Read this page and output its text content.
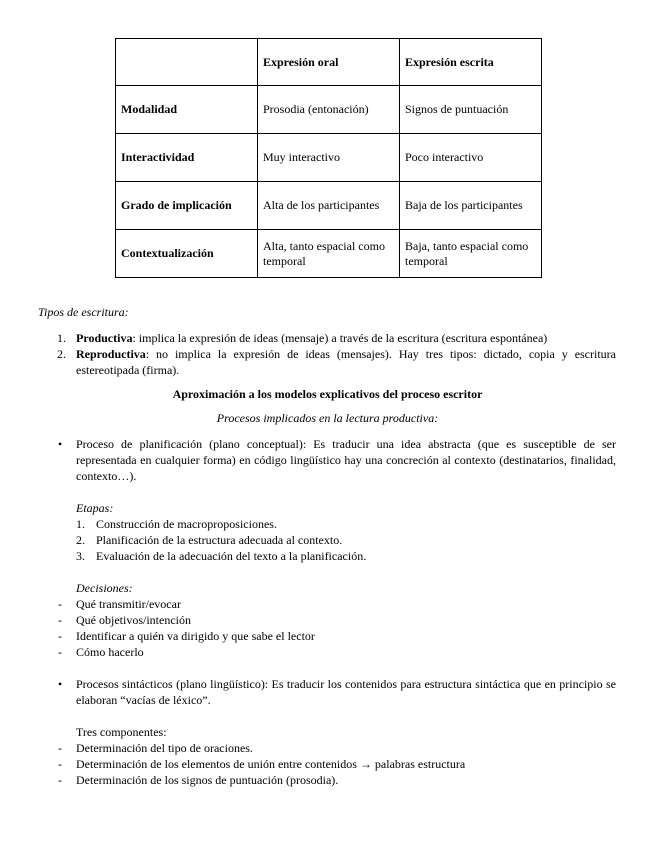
	Expresión oral	Expresión escrita
Modalidad	Prosodia (entonación)	Signos de puntuación
Interactividad	Muy interactivo	Poco interactivo
Grado de implicación	Alta de los participantes	Baja de los participantes
Contextualización	Alta, tanto espacial como temporal	Baja, tanto espacial como temporal
Tipos de escritura:
1. Productiva: implica la expresión de ideas (mensaje) a través de la escritura (escritura espontánea)
2. Reproductiva: no implica la expresión de ideas (mensajes). Hay tres tipos: dictado, copia y escritura estereotipada (firma).
Aproximación a los modelos explicativos del proceso escritor
Procesos implicados en la lectura productiva:
• Proceso de planificación (plano conceptual): Es traducir una idea abstracta (que es susceptible de ser representada en cualquier forma) en código lingüístico hay una concreción al contexto (destinatarios, finalidad, contexto…).
Etapas:
1. Construcción de macroproposiciones.
2. Planificación de la estructura adecuada al contexto.
3. Evaluación de la adecuación del texto a la planificación.
Decisiones:
- Qué transmitir/evocar
- Qué objetivos/intención
- Identificar a quién va dirigido y que sabe el lector
- Cómo hacerlo
• Procesos sintácticos (plano lingüístico): Es traducir los contenidos para estructura sintáctica que en principio se elaboran “vacías de léxico”.
Tres componentes:
- Determinación del tipo de oraciones.
- Determinación de los elementos de unión entre contenidos → palabras estructura
- Determinación de los signos de puntuación (prosodia).
